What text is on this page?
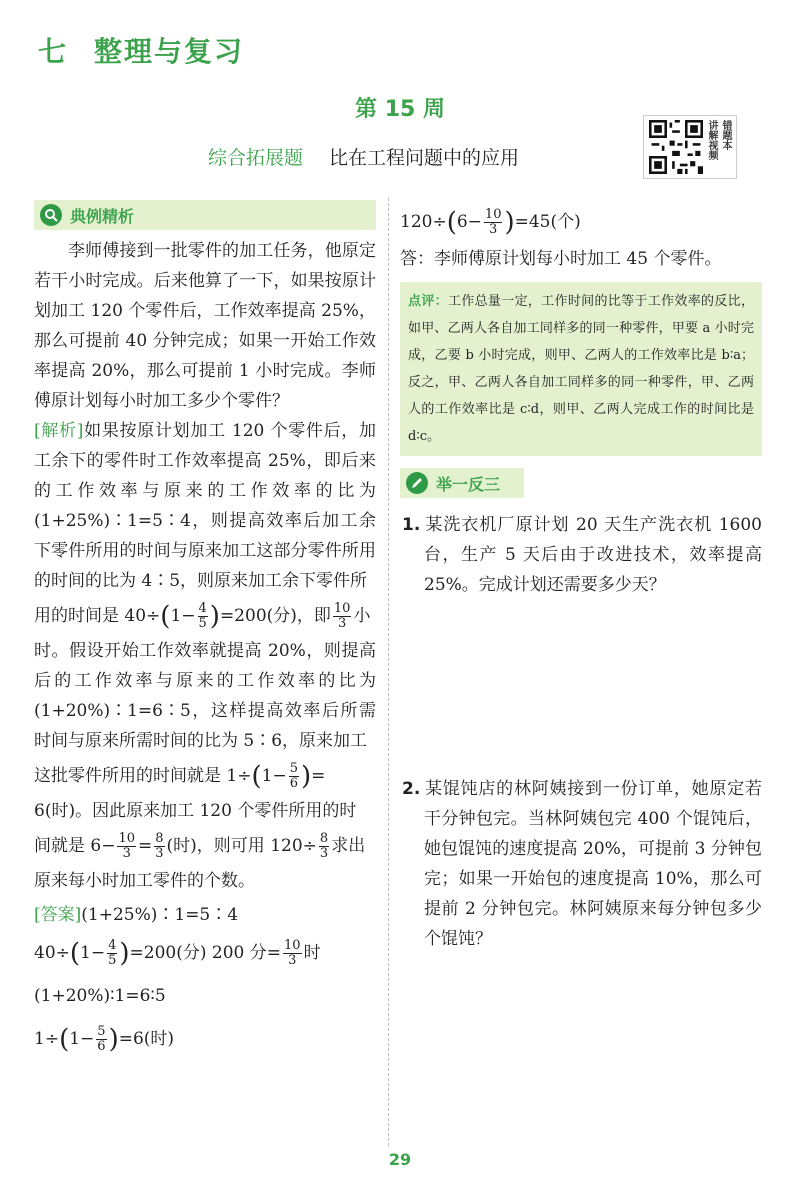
七 整理与复习
第 15 周
综合拓展题 比在工程问题中的应用	讲解视频 错题本
典例精析

李师傅接到一批零件的加工任务，他原定若干小时完成。后来他算了一下，如果按原计划加工 120 个零件后，工作效率提高 25%，那么可提前 40 分钟完成；如果一开始工作效率提高 20%，那么可提前 1 小时完成。李师傅原计划每小时加工多少个零件？

[解析]如果按原计划加工 120 个零件后，加工余下的零件时工作效率提高 25%，即后来的工作效率与原来的工作效率的比为(1+25%)∶1=5∶4，则提高效率后加工余下零件所用的时间与原来加工这部分零件所用的时间的比为 4∶5，则原来加工余下零件所

用的时间是 $40\div(1- \frac{4}{5} )=200$(分)，即 $\frac{10}{3}$ 小

时。假设开始工作效率就提高 20%，则提高后的工作效率与原来的工作效率的比为(1+20%)∶1=6∶5，这样提高效率后所需时间与原来所需时间的比为 5∶6，原来加工

这批零件所用的时间就是 $1\div(1- \frac{5}{6}$ )=

6(时)。因此原来加工 120 个零件所用的时

间就是 $6- \frac{10}{3} = \frac{8}{3}$ (时)，则可用 $120\div \frac{8}{3}$ 求出

原来每小时加工零件的个数。

[答案](1+25%)∶1=5∶4

$40\div(1- \frac{4}{5} )=200$(分) 200 分= $\frac{10}{3}$ 时

(1+20%)∶1=6∶5

$1\div(1- \frac{5}{6} )=6$(时)

$120\div(6- \frac{10}{3} )=45$(个)

答：李师傅原计划每小时加工 45 个零件。

点评：工作总量一定，工作时间的比等于工作效率的反比，如甲、乙两人各自加工同样多的同一种零件，甲要 a 小时完成，乙要 b 小时完成，则甲、乙两人的工作效率比是 b∶a；反之，甲、乙两人各自加工同样多的同一种零件，甲、乙两人的工作效率比是 c∶d，则甲、乙两人完成工作的时间比是 d∶c。

举一反三

1. 某洗衣机厂原计划 20 天生产洗衣机 1600 台，生产 5 天后由于改进技术，效率提高 25%。完成计划还需要多少天？

2. 某馄饨店的林阿姨接到一份订单，她原定若干分钟包完。当林阿姨包完 400 个馄饨后，她包馄饨的速度提高 20%，可提前 3 分钟包完；如果一开始包的速度提高 10%，那么可提前 2 分钟包完。林阿姨原来每分钟包多少个馄饨？

29
